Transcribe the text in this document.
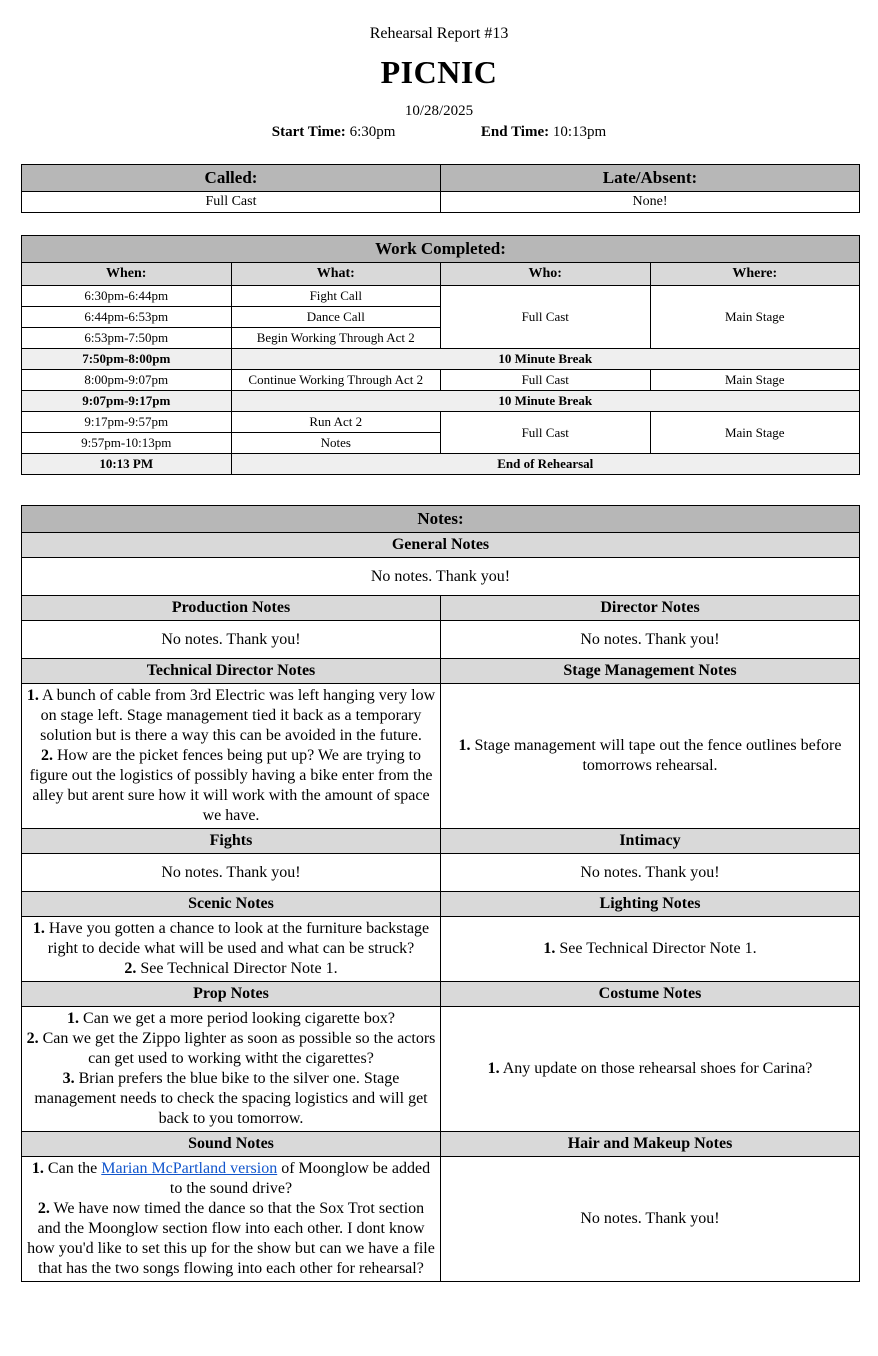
Rehearsal Report #13
PICNIC
10/28/2025
Start Time: 6:30pm	End Time: 10:13pm
Called:	Late/Absent:
Full Cast	None!
Work Completed:			
When:	What:	Who:	Where:
6:30pm-6:44pm	Fight Call	Full Cast	Main Stage
6:44pm-6:53pm	Dance Call		
6:53pm-7:50pm	Begin Working Through Act 2		
7:50pm-8:00pm	10 Minute Break		
8:00pm-9:07pm	Continue Working Through Act 2	Full Cast	Main Stage
9:07pm-9:17pm	10 Minute Break		
9:17pm-9:57pm	Run Act 2	Full Cast	Main Stage
9:57pm-10:13pm	Notes		
10:13 PM	End of Rehearsal		
Notes:	
General Notes	
No notes. Thank you!	
Production Notes	Director Notes
No notes. Thank you!	No notes. Thank you!
Technical Director Notes	Stage Management Notes

1. A bunch of cable from 3rd Electric was left hanging very low on stage left. Stage management tied it back as a temporary solution but is there a way this can be avoided in the future.
2. How are the picket fences being put up? We are trying to figure out the logistics of possibly having a bike enter from the alley but arent sure how it will work with the amount of space we have.	1. Stage management will tape out the fence outlines before tomorrows rehearsal.

Fights	Intimacy
No notes. Thank you!	No notes. Thank you!
Scenic Notes	Lighting Notes

1. Have you gotten a chance to look at the furniture backstage right to decide what will be used and what can be struck?
2. See Technical Director Note 1.	1. See Technical Director Note 1.

Prop Notes	Costume Notes

1. Can we get a more period looking cigarette box?
2. Can we get the Zippo lighter as soon as possible so the actors can get used to working witht the cigarettes?
3. Brian prefers the blue bike to the silver one. Stage management needs to check the spacing logistics and will get back to you tomorrow.	1. Any update on those rehearsal shoes for Carina?

Sound Notes	Hair and Makeup Notes

1. Can the Marian McPartland version of Moonglow be added to the sound drive?
2. We have now timed the dance so that the Sox Trot section and the Moonglow section flow into each other. I dont know how you'd like to set this up for the show but can we have a file that has the two songs flowing into each other for rehearsal?	No notes. Thank you!
